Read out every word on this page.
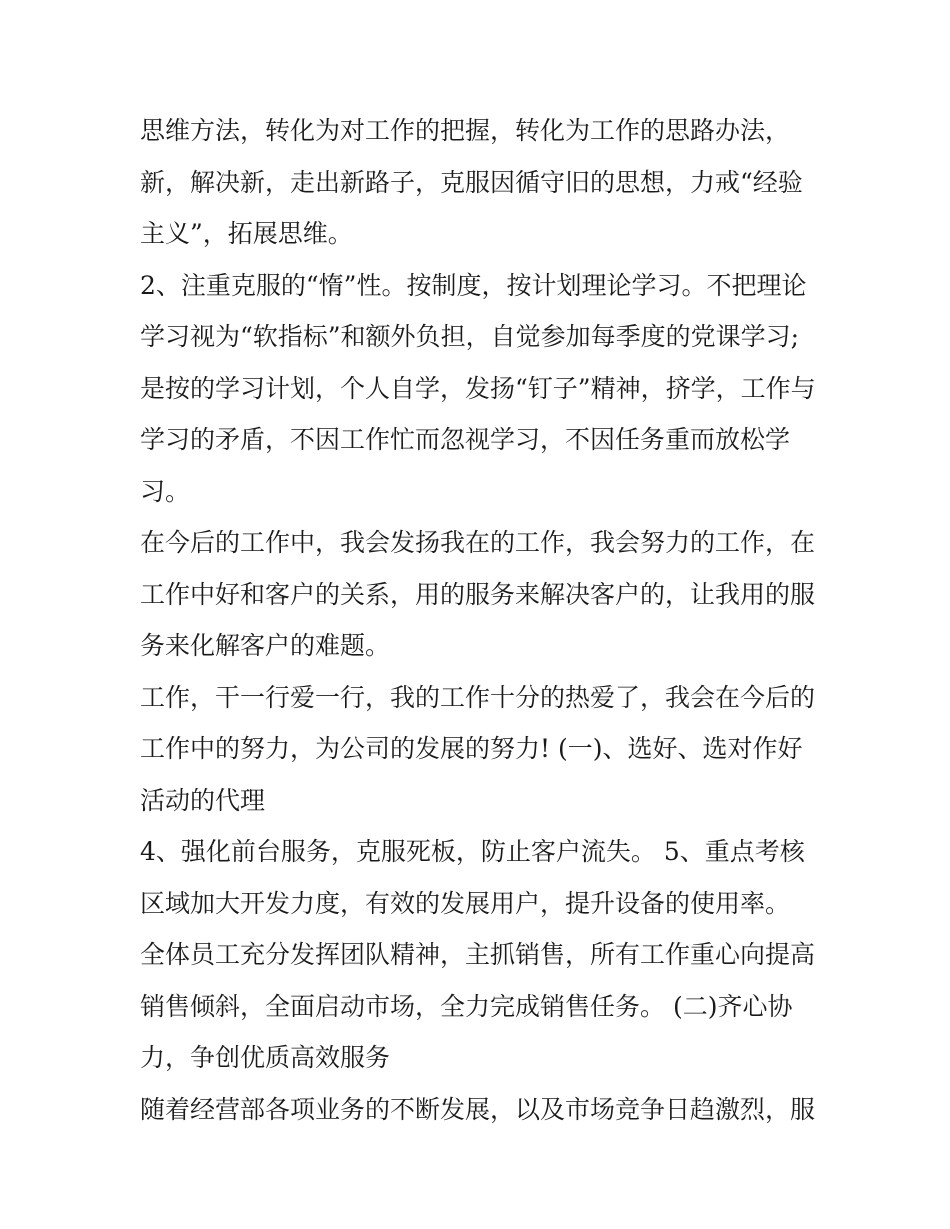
思维方法，转化为对工作的把握，转化为工作的思路办法，
新，解决新，走出新路子，克服因循守旧的思想，力戒“经验
主义”，拓展思维。
2、注重克服的“惰”性。按制度，按计划理论学习。不把理论
学习视为“软指标”和额外负担，自觉参加每季度的党课学习;
是按的学习计划，个人自学，发扬“钉子”精神，挤学，工作与
学习的矛盾，不因工作忙而忽视学习，不因任务重而放松学
习。
在今后的工作中，我会发扬我在的工作，我会努力的工作，在
工作中好和客户的关系，用的服务来解决客户的，让我用的服
务来化解客户的难题。
工作，干一行爱一行，我的工作十分的热爱了，我会在今后的
工作中的努力，为公司的发展的努力! (一)、选好、选对作好
活动的代理
4、强化前台服务，克服死板，防止客户流失。 5、重点考核
区域加大开发力度，有效的发展用户，提升设备的使用率。
全体员工充分发挥团队精神，主抓销售，所有工作重心向提高
销售倾斜，全面启动市场，全力完成销售任务。 (二)齐心协
力，争创优质高效服务
随着经营部各项业务的不断发展，以及市场竞争日趋激烈，服
